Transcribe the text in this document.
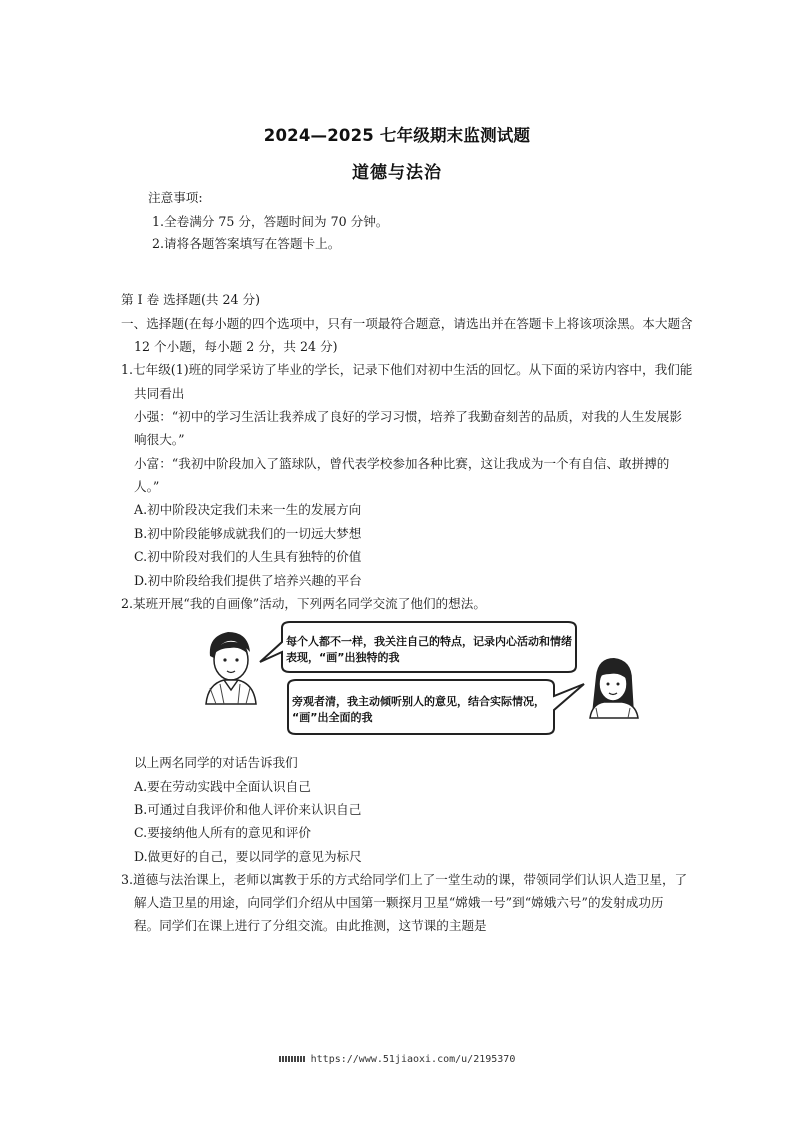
2024—2025 七年级期末监测试题
道德与法治
注意事项:
1.全卷满分 75 分，答题时间为 70 分钟。
2.请将各题答案填写在答题卡上。
第 I 卷 选择题(共 24 分)
一、选择题(在每小题的四个选项中，只有一项最符合题意，请选出并在答题卡上将该项涂黑。本大题含
12 个小题，每小题 2 分，共 24 分)
1.七年级(1)班的同学采访了毕业的学长，记录下他们对初中生活的回忆。从下面的采访内容中，我们能
共同看出
小强：“初中的学习生活让我养成了良好的学习习惯，培养了我勤奋刻苦的品质，对我的人生发展影
响很大。”
小富：“我初中阶段加入了篮球队，曾代表学校参加各种比赛，这让我成为一个有自信、敢拼搏的
人。”
A.初中阶段决定我们未来一生的发展方向
B.初中阶段能够成就我们的一切远大梦想
C.初中阶段对我们的人生具有独特的价值
D.初中阶段给我们提供了培养兴趣的平台
2.某班开展“我的自画像”活动，下列两名同学交流了他们的想法。
每个人都不一样，我关注自己的特点，记录内心活动和情绪
表现，“画”出独特的我
旁观者清，我主动倾听别人的意见，结合实际情况，
“画”出全面的我
以上两名同学的对话告诉我们
A.要在劳动实践中全面认识自己
B.可通过自我评价和他人评价来认识自己
C.要接纳他人所有的意见和评价
D.做更好的自己，要以同学的意见为标尺
3.道德与法治课上，老师以寓教于乐的方式给同学们上了一堂生动的课，带领同学们认识人造卫星，了
解人造卫星的用途，向同学们介绍从中国第一颗探月卫星“嫦娥一号”到“嫦娥六号”的发射成功历
程。同学们在课上进行了分组交流。由此推测，这节课的主题是
https://www.51jiaoxi.com/u/2195370
